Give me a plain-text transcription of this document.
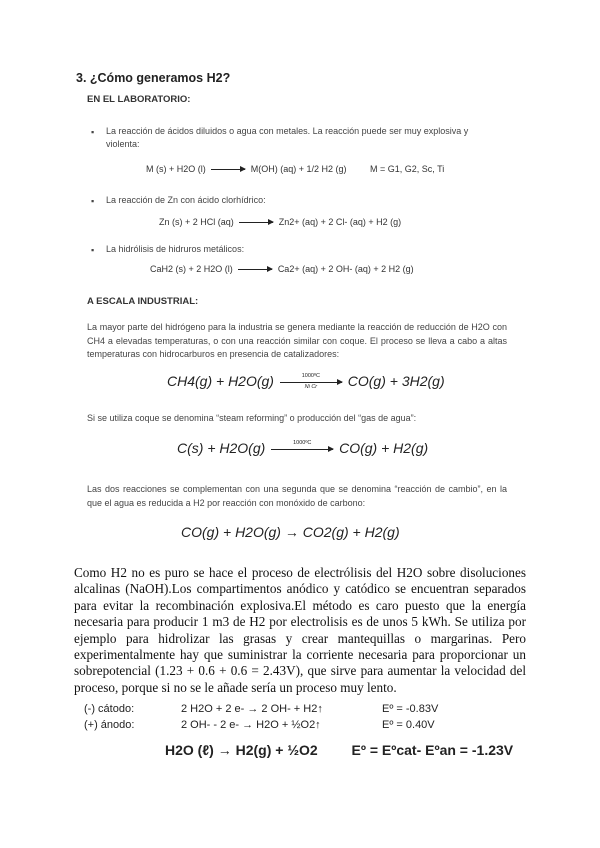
3. ¿Cómo generamos H2?
EN EL LABORATORIO:
▪ La reacción de ácidos diluidos o agua con metales. La reacción puede ser muy explosiva y violenta:
M (s) + H2O (l) → M(OH) (aq) + 1/2 H2 (g)	M = G1, G2, Sc, Ti
▪ La reacción de Zn con ácido clorhídrico:
Zn (s) + 2 HCl (aq) → Zn2+ (aq) + 2 Cl- (aq) + H2 (g)
▪ La hidrólisis de hidruros metálicos:
CaH2 (s) + 2 H2O (l) → Ca2+ (aq) + 2 OH- (aq) + 2 H2 (g)
A ESCALA INDUSTRIAL:
La mayor parte del hidrógeno para la industria se genera mediante la reacción de reducción de H2O con CH4 a elevadas temperaturas, o con una reacción similar con coque. El proceso se lleva a cabo a altas temperaturas con hidrocarburos en presencia de catalizadores:
$CH4(g) + H2O(g) \frac{\text{1000ºC}}{\text{Ni Cr}} CO(g) + 3H2(g)$
Si se utiliza coque se denomina “steam reforming” o producción del “gas de agua”:
C(s) + H2O(g)	1000ºC	CO(g) + H2(g)
Las dos reacciones se complementan con una segunda que se denomina “reacción de cambio”, en la que el agua es reducida a H2 por reacción con monóxido de carbono:
CO(g) + H2O(g) → CO2(g) + H2(g)
Como H2 no es puro se hace el proceso de electrólisis del H2O sobre disoluciones alcalinas (NaOH).Los compartimentos anódico y catódico se encuentran separados para evitar la recombinación explosiva.El método es caro puesto que la energía necesaria para producir 1 m3 de H2 por electrolisis es de unos 5 kWh. Se utiliza por ejemplo para hidrolizar las grasas y crear mantequillas o margarinas. Pero experimentalmente hay que suministrar la corriente necesaria para proporcionar un sobrepotencial (1.23 + 0.6 + 0.6 = 2.43V), que sirve para aumentar la velocidad del proceso, porque si no se le añade sería un proceso muy lento.
(-) cátodo:	2 H2O + 2 e- → 2 OH- + H2↑	Eº = -0.83V
(+) ánodo:	2 OH- - 2 e- → H2O + ½O2↑	Eº = 0.40V
H2O (ℓ) → H2(g) + ½O2 Eº = Eºcat- Eºan = -1.23V
